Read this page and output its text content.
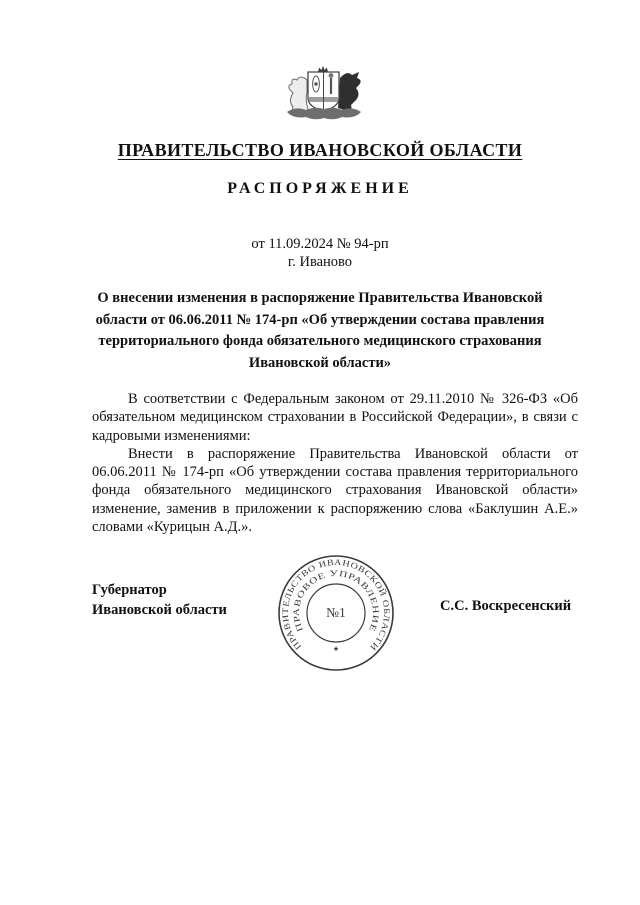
ПРАВИТЕЛЬСТВО ИВАНОВСКОЙ ОБЛАСТИ
РАСПОРЯЖЕНИЕ
от 11.09.2024 № 94-рп
г. Иваново
О внесении изменения в распоряжение Правительства Ивановской области от 06.06.2011 № 174-рп «Об утверждении состава правления территориального фонда обязательного медицинского страхования Ивановской области»

В соответствии с Федеральным законом от 29.11.2010 № 326-ФЗ «Об обязательном медицинском страховании в Российской Федерации», в связи с кадровыми изменениями:

Внести в распоряжение Правительства Ивановской области от 06.06.2011 № 174-рп «Об утверждении состава правления территориального фонда обязательного медицинского страхования Ивановской области» изменение, заменив в приложении к распоряжению слова «Баклушин А.Е.» словами «Курицын А.Д.».

Губернатор
Ивановской области	С.С. Воскресенский
ПРАВИТЕЛЬСТВО ИВАНОВСКОЙ ОБЛАСТИ
ПРАВОВОЕ УПРАВЛЕНИЕ
№1
★
